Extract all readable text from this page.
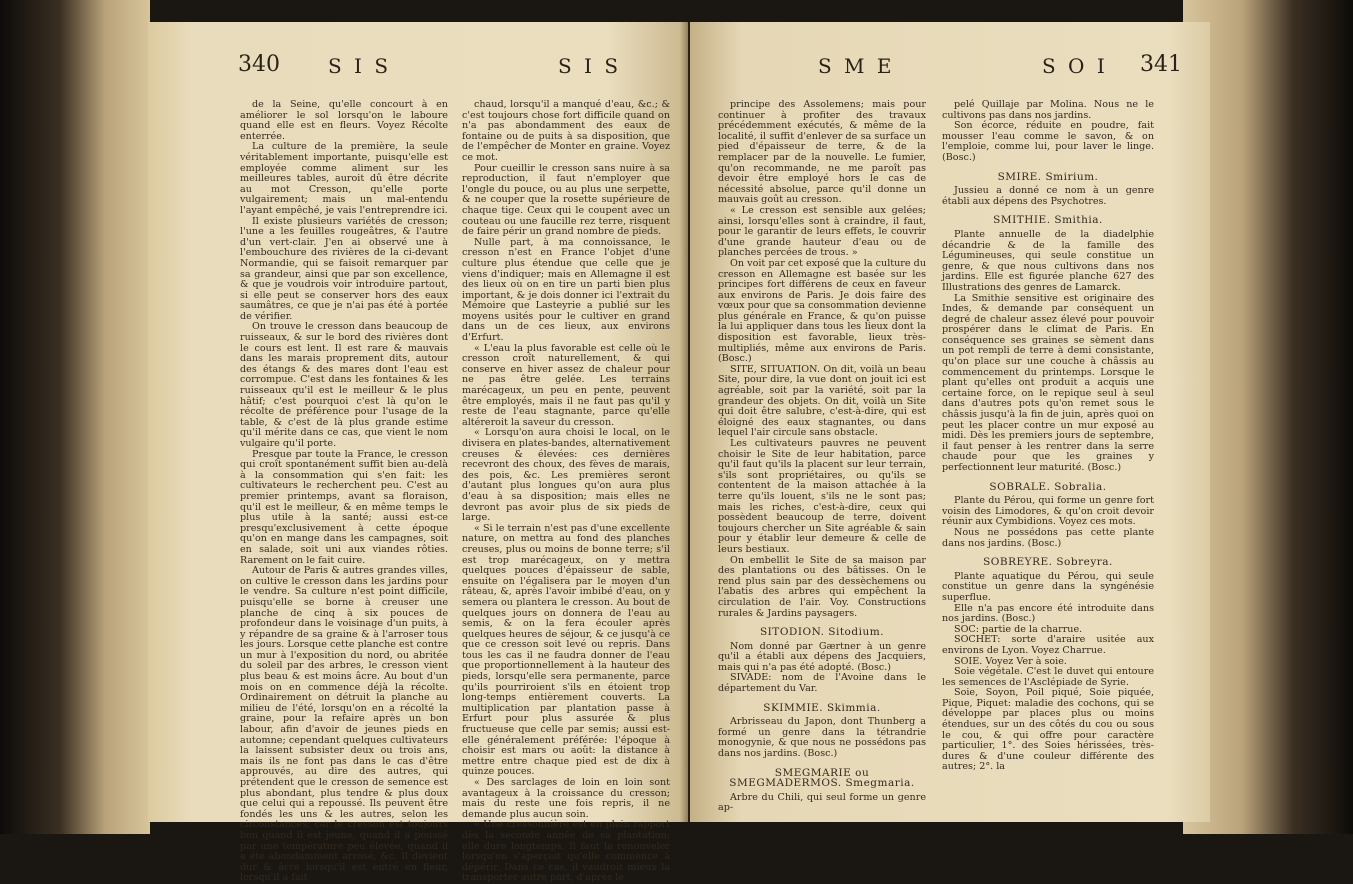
340 S I S	S I S

de la Seine, qu'elle concourt à en améliorer le sol lorsqu'on le laboure quand elle est en fleurs. Voyez Récolte enterrée.

La culture de la première, la seule véritablement importante, puisqu'elle est employée comme aliment sur les meilleures tables, auroit dû être décrite au mot Cresson, qu'elle porte vulgairement; mais un mal-entendu l'ayant empêché, je vais l'entreprendre ici.

Il existe plusieurs variétés de cresson; l'une a les feuilles rougeâtres, & l'autre d'un vert-clair. J'en ai observé une à l'embouchure des rivières de la ci-devant Normandie, qui se faisoit remarquer par sa grandeur, ainsi que par son excellence, & que je voudrois voir introduire partout, si elle peut se conserver hors des eaux saumâtres, ce que je n'ai pas été à portée de vérifier.

On trouve le cresson dans beaucoup de ruisseaux, & sur le bord des rivières dont le cours est lent. Il est rare & mauvais dans les marais proprement dits, autour des étangs & des mares dont l'eau est corrompue. C'est dans les fontaines & les ruisseaux qu'il est le meilleur & le plus hâtif; c'est pourquoi c'est là qu'on le récolte de préférence pour l'usage de la table, & c'est de là plus grande estime qu'il mérite dans ce cas, que vient le nom vulgaire qu'il porte.

Presque par toute la France, le cresson qui croît spontanément suffit bien au-delà à la consommation qui s'en fait: les cultivateurs le recherchent peu. C'est au premier printemps, avant sa floraison, qu'il est le meilleur, & en même temps le plus utile à la santé; aussi est-ce presqu'exclusivement à cette époque qu'on en mange dans les campagnes, soit en salade, soit uni aux viandes rôties. Rarement on le fait cuire.

Autour de Paris & autres grandes villes, on cultive le cresson dans les jardins pour le vendre. Sa culture n'est point difficile, puisqu'elle se borne à creuser une planche de cinq à six pouces de profondeur dans le voisinage d'un puits, à y répandre de sa graine & à l'arroser tous les jours. Lorsque cette planche est contre un mur à l'exposition du nord, ou abritée du soleil par des arbres, le cresson vient plus beau & est moins âcre. Au bout d'un mois on en commence déjà la récolte. Ordinairement on détruit la planche au milieu de l'été, lorsqu'on en a récolté la graine, pour la refaire après un bon labour, afin d'avoir de jeunes pieds en automne; cependant quelques cultivateurs la laissent subsister deux ou trois ans, mais ils ne font pas dans le cas d'être approuvés, au dire des autres, qui prétendent que le cresson de semence est plus abondant, plus tendre & plus doux que celui qui a repoussé. Ils peuvent être fondés les uns & les autres, selon les circonstances; car le cresson est toujours bon quand il est jeune, quand il a poussé par une température peu élevée, quand il a été abondamment arrosé, &c. Il devient dur & âcre lorsqu'il est entré en fleur, lorsqu'il a fait

chaud, lorsqu'il a manqué d'eau, &c.; & c'est toujours chose fort difficile quand on n'a pas abondamment des eaux de fontaine ou de puits à sa disposition, que de l'empêcher de Monter en graine. Voyez ce mot.

Pour cueillir le cresson sans nuire à sa reproduction, il faut n'employer que l'ongle du pouce, ou au plus une serpette, & ne couper que la rosette supérieure de chaque tige. Ceux qui le coupent avec un couteau ou une faucille rez terre, risquent de faire périr un grand nombre de pieds.

Nulle part, à ma connoissance, le cresson n'est en France l'objet d'une culture plus étendue que celle que je viens d'indiquer; mais en Allemagne il est des lieux où on en tire un parti bien plus important, & je dois donner ici l'extrait du Mémoire que Lasteyrie a publié sur les moyens usités pour le cultiver en grand dans un de ces lieux, aux environs d'Erfurt.

« L'eau la plus favorable est celle où le cresson croît naturellement, & qui conserve en hiver assez de chaleur pour ne pas être gelée. Les terrains marécageux, un peu en pente, peuvent être employés, mais il ne faut pas qu'il y reste de l'eau stagnante, parce qu'elle altéreroit la saveur du cresson.

« Lorsqu'on aura choisi le local, on le divisera en plates-bandes, alternativement creuses & élevées: ces dernières recevront des choux, des fèves de marais, des pois, &c. Les premières seront d'autant plus longues qu'on aura plus d'eau à sa disposition; mais elles ne devront pas avoir plus de six pieds de large.

« Si le terrain n'est pas d'une excellente nature, on mettra au fond des planches creuses, plus ou moins de bonne terre; s'il est trop marécageux, on y mettra quelques pouces d'épaisseur de sable, ensuite on l'égalisera par le moyen d'un râteau, &, après l'avoir imbibé d'eau, on y semera ou plantera le cresson. Au bout de quelques jours on donnera de l'eau au semis, & on la fera écouler après quelques heures de séjour, & ce jusqu'à ce que ce cresson soit levé ou repris. Dans tous les cas il ne faudra donner de l'eau que proportionnellement à la hauteur des pieds, lorsqu'elle sera permanente, parce qu'ils pourriroient s'ils en étoient trop long-temps entièrement couverts. La multiplication par plantation passe à Erfurt pour plus assurée & plus fructueuse que celle par semis; aussi est-elle généralement préférée: l'époque à choisir est mars ou août: la distance à mettre entre chaque pied est de dix à quinze pouces.

« Des sarclages de loin en loin sont avantageux à la croissance du cresson; mais du reste une fois repris, il ne demande plus aucun soin.

« Une cressonnière est en plein rapport dès la seconde année de sa plantation; elle dure longtemps. Il faut la renouveler lorsqu'on s'aperçoit qu'elle commence à dépérir. Dans ce cas, il vaudroit mieux la transporter autre part, d'après le

S M E	S O I 341

principe des Assolemens; mais pour continuer à profiter des travaux précédemment exécutés, & même de la localité, il suffit d'enlever de sa surface un pied d'épaisseur de terre, & de la remplacer par de la nouvelle. Le fumier, qu'on recommande, ne me paroît pas devoir être employé hors le cas de nécessité absolue, parce qu'il donne un mauvais goût au cresson.

« Le cresson est sensible aux gelées; ainsi, lorsqu'elles sont à craindre, il faut, pour le garantir de leurs effets, le couvrir d'une grande hauteur d'eau ou de planches percées de trous. »

On voit par cet exposé que la culture du cresson en Allemagne est basée sur les principes fort différens de ceux en faveur aux environs de Paris. Je dois faire des vœux pour que sa consommation devienne plus générale en France, & qu'on puisse la lui appliquer dans tous les lieux dont la disposition est favorable, lieux très-multipliés, même aux environs de Paris. (Bosc.)

SITE, SITUATION. On dit, voilà un beau Site, pour dire, la vue dont on jouit ici est agréable, soit par la variété, soit par la grandeur des objets. On dit, voilà un Site qui doit être salubre, c'est-à-dire, qui est éloigné des eaux stagnantes, ou dans lequel l'air circule sans obstacle.

Les cultivateurs pauvres ne peuvent choisir le Site de leur habitation, parce qu'il faut qu'ils la placent sur leur terrain, s'ils sont propriétaires, ou qu'ils se contentent de la maison attachée à la terre qu'ils louent, s'ils ne le sont pas; mais les riches, c'est-à-dire, ceux qui possèdent beaucoup de terre, doivent toujours chercher un Site agréable & sain pour y établir leur demeure & celle de leurs bestiaux.

On embellit le Site de sa maison par des plantations ou des bâtisses. On le rend plus sain par des dessèchemens ou l'abatis des arbres qui empêchent la circulation de l'air. Voy. Constructions rurales & Jardins paysagers.

SITODION. Sitodium.

Nom donné par Gærtner à un genre qu'il a établi aux dépens des Jacquiers, mais qui n'a pas été adopté. (Bosc.)

SIVADE: nom de l'Avoine dans le département du Var.

SKIMMIE. Skimmia.

Arbrisseau du Japon, dont Thunberg a formé un genre dans la tétrandrie monogynie, & que nous ne possédons pas dans nos jardins. (Bosc.)

SMEGMARIE ou SMEGMADERMOS. Smegmaria.

Arbre du Chili, qui seul forme un genre ap-

pelé Quillaje par Molina. Nous ne le cultivons pas dans nos jardins.

Son écorce, réduite en poudre, fait mousser l'eau comme le savon, & on l'emploie, comme lui, pour laver le linge. (Bosc.)

SMIRE. Smirium.

Jussieu a donné ce nom à un genre établi aux dépens des Psychotres.

SMITHIE. Smithia.

Plante annuelle de la diadelphie décandrie & de la famille des Légumineuses, qui seule constitue un genre, & que nous cultivons dans nos jardins. Elle est figurée planche 627 des Illustrations des genres de Lamarck.

La Smithie sensitive est originaire des Indes, & demande par conséquent un degré de chaleur assez élevé pour pouvoir prospérer dans le climat de Paris. En conséquence ses graines se sèment dans un pot rempli de terre à demi consistante, qu'on place sur une couche à châssis au commencement du printemps. Lorsque le plant qu'elles ont produit a acquis une certaine force, on le repique seul à seul dans d'autres pots qu'on remet sous le châssis jusqu'à la fin de juin, après quoi on peut les placer contre un mur exposé au midi. Dès les premiers jours de septembre, il faut penser à les rentrer dans la serre chaude pour que les graines y perfectionnent leur maturité. (Bosc.)

SOBRALE. Sobralia.

Plante du Pérou, qui forme un genre fort voisin des Limodores, & qu'on croit devoir réunir aux Cymbidions. Voyez ces mots.

Nous ne possédons pas cette plante dans nos jardins. (Bosc.)

SOBREYRE. Sobreyra.

Plante aquatique du Pérou, qui seule constitue un genre dans la syngénésie superflue.

Elle n'a pas encore été introduite dans nos jardins. (Bosc.)

SOC: partie de la charrue.

SOCHET: sorte d'araire usitée aux environs de Lyon. Voyez Charrue.

SOIE. Voyez Ver à soie.

Soie végétale. C'est le duvet qui entoure les semences de l'Asclépiade de Syrie.

Soie, Soyon, Poil piqué, Soie piquée, Pique, Piquet: maladie des cochons, qui se développe par places plus ou moins étendues, sur un des côtés du cou ou sous le cou, & qui offre pour caractère particulier, 1°. des Soies hérissées, très-dures & d'une couleur différente des autres; 2°. la
